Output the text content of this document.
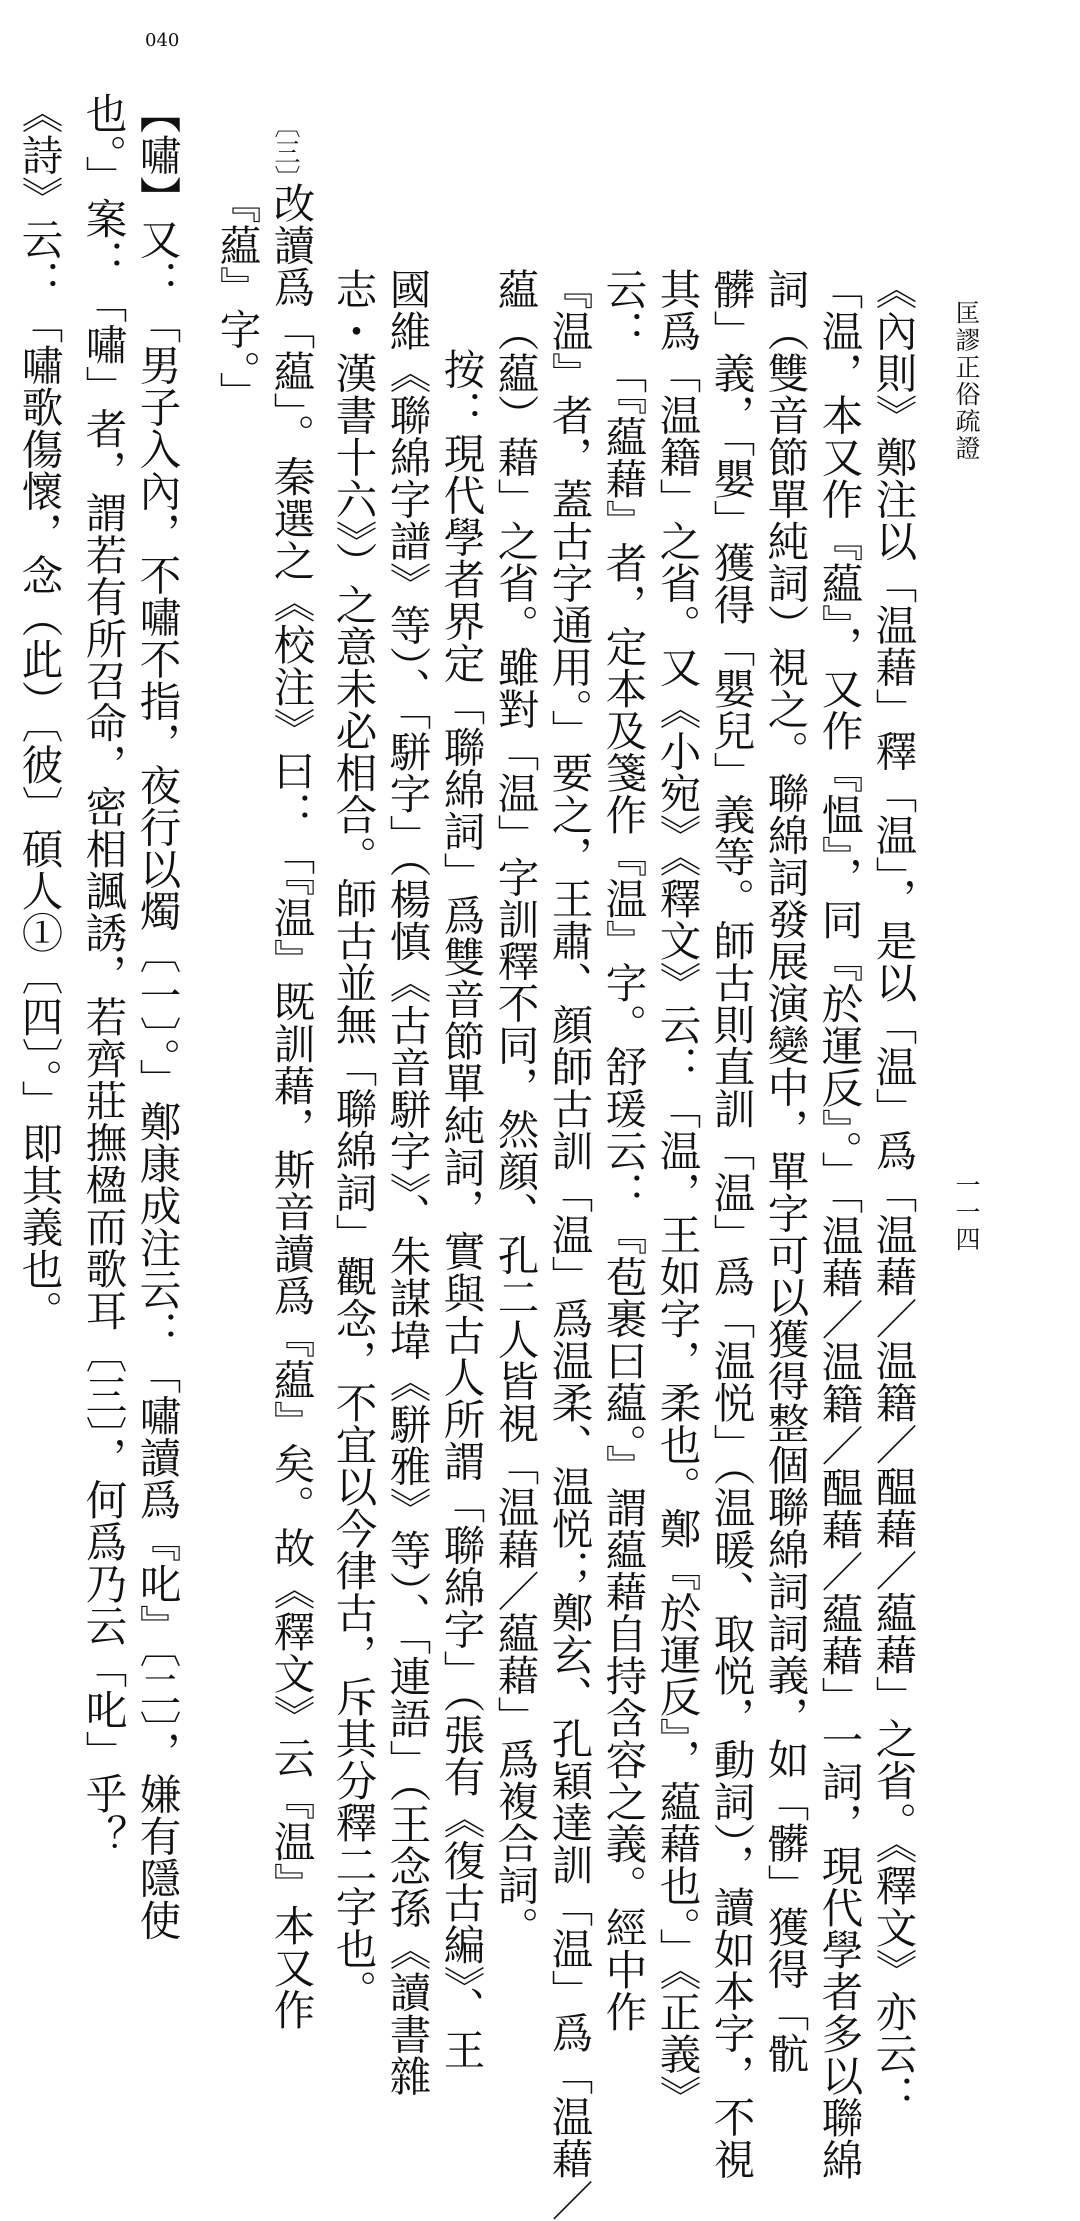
匡謬正俗疏證
一一四
040
《內則》鄭注以「温藉」釋「温」，是以「温」爲「温藉／温籍／醖藉／藴藉」之省。《釋文》亦云：
「温，本又作『藴』，又作『愠』，同『於運反』。」「温藉／温籍／醖藉／藴藉」一詞，現代學者多以聯綿
詞（雙音節單純詞）視之。聯綿詞發展演變中，單字可以獲得整個聯綿詞詞義，如「髒」獲得「骯
髒」義，「嬰」獲得「嬰兒」義等。師古則直訓「温」爲「温悦」（温暖、取悦，動詞），讀如本字，不視
其爲「温籍」之省。又《小宛》《釋文》云：「温，王如字，柔也。鄭『於運反』，藴藉也。」《正義》
云：「『藴藉』者，定本及箋作『温』字。舒瑗云：『苞裹曰藴。』謂藴藉自持含容之義。經中作
『温』者，蓋古字通用。」要之，王肅、顔師古訓「温」爲温柔、温悦；鄭玄、孔穎達訓「温」爲「温藉／
藴（藴）藉」之省。雖對「温」字訓釋不同，然顔、孔二人皆視「温藉／藴藉」爲複合詞。
按：現代學者界定「聯綿詞」爲雙音節單純詞，實與古人所謂「聯綿字」（張有《復古編》、王
國維《聯綿字譜》等）、「駢字」（楊慎《古音駢字》、朱謀㙔《駢雅》等）、「連語」（王念孫《讀書雜
志・漢書十六》）之意未必相合。師古並無「聯綿詞」觀念，不宜以今律古，斥其分釋二字也。
〔三〕
改讀爲「藴」。秦選之《校注》曰：「『温』既訓藉，斯音讀爲『藴』矣。故《釋文》云『温』本又作
『藴』字。」
【嘯】又：「男子入內，不嘯不指，夜行以燭〔一〕。」鄭康成注云：「嘯讀爲『叱』〔二〕，嫌有隱使
也。」案：「嘯」者，謂若有所召命，密相諷誘，若齊莊撫楹而歌耳〔三〕，何爲乃云「叱」乎？
《詩》云：「嘯歌傷懷，念（此）〔彼〕碩人①〔四〕。」即其義也。
